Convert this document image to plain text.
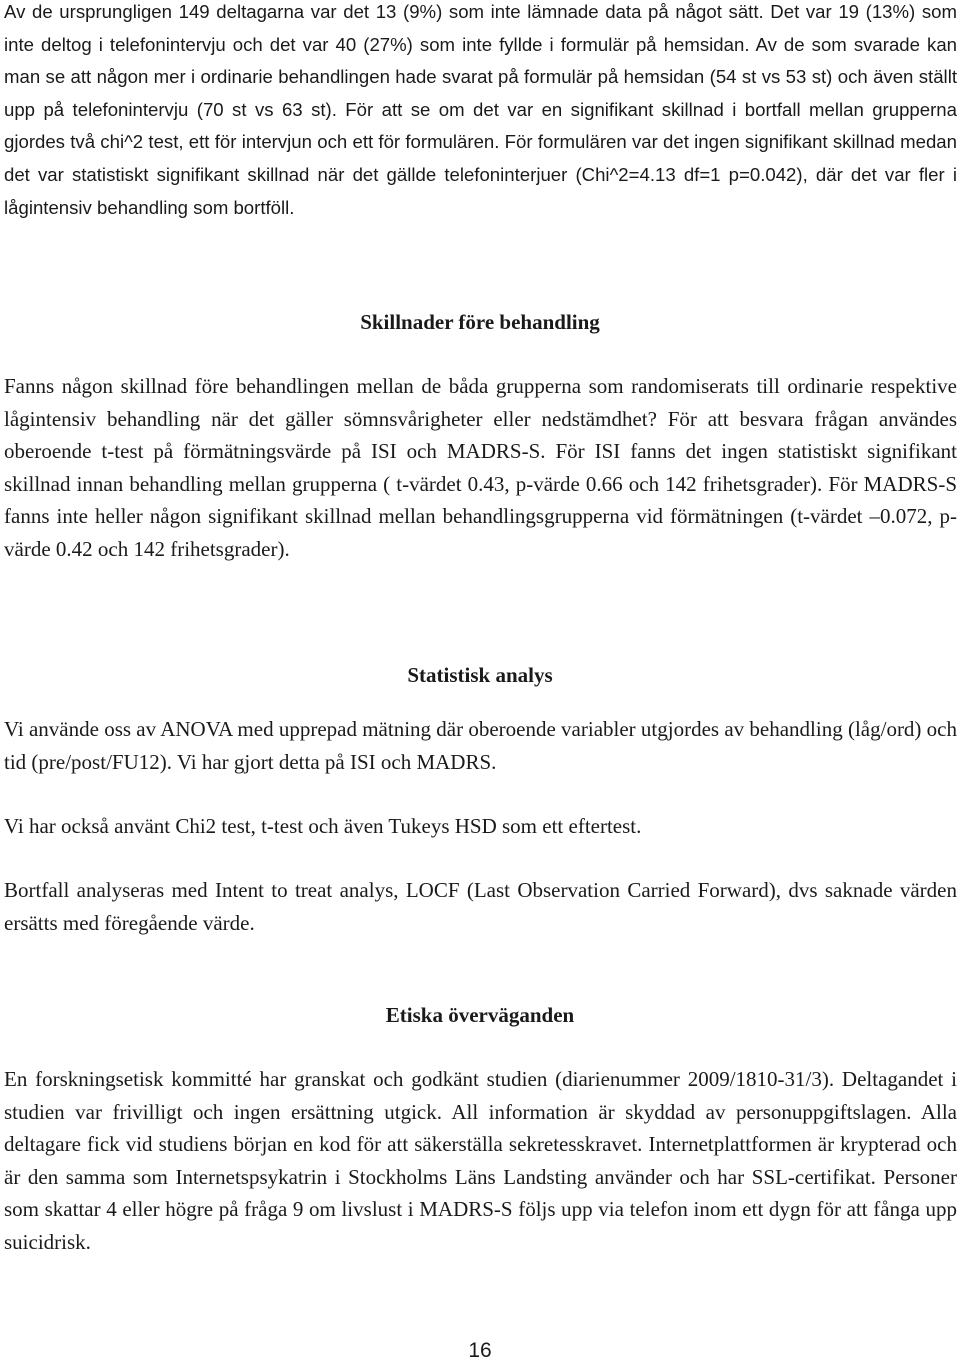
Av de ursprungligen 149 deltagarna var det 13 (9%) som inte lämnade data på något sätt. Det var 19 (13%) som inte deltog i telefonintervju och det var 40 (27%) som inte fyllde i formulär på hemsidan. Av de som svarade kan man se att någon mer i ordinarie behandlingen hade svarat på formulär på hemsidan (54 st vs 53 st) och även ställt upp på telefonintervju (70 st vs 63 st). För att se om det var en signifikant skillnad i bortfall mellan grupperna gjordes två chi^2 test, ett för intervjun och ett för formulären. För formulären var det ingen signifikant skillnad medan det var statistiskt signifikant skillnad när det gällde telefoninterjuer (Chi^2=4.13 df=1 p=0.042), där det var fler i lågintensiv behandling som bortföll.

Skillnader före behandling

Fanns någon skillnad före behandlingen mellan de båda grupperna som randomiserats till ordinarie respektive lågintensiv behandling när det gäller sömnsvårigheter eller nedstämdhet? För att besvara frågan användes oberoende t-test på förmätningsvärde på ISI och MADRS-S. För ISI fanns det ingen statistiskt signifikant skillnad innan behandling mellan grupperna ( t-värdet 0.43, p-värde 0.66 och 142 frihetsgrader). För MADRS-S fanns inte heller någon signifikant skillnad mellan behandlingsgrupperna vid förmätningen (t-värdet –0.072, p-värde 0.42 och 142 frihetsgrader).

Statistisk analys

Vi använde oss av ANOVA med upprepad mätning där oberoende variabler utgjordes av behandling (låg/ord) och tid (pre/post/FU12). Vi har gjort detta på ISI och MADRS.

Vi har också använt Chi2 test, t-test och även Tukeys HSD som ett eftertest.

Bortfall analyseras med Intent to treat analys, LOCF (Last Observation Carried Forward), dvs saknade värden ersätts med föregående värde.

Etiska överväganden

En forskningsetisk kommitté har granskat och godkänt studien (diarienummer 2009/1810-31/3). Deltagandet i studien var frivilligt och ingen ersättning utgick. All information är skyddad av personuppgiftslagen. Alla deltagare fick vid studiens början en kod för att säkerställa sekretesskravet. Internetplattformen är krypterad och är den samma som Internetspsykatrin i Stockholms Läns Landsting använder och har SSL-certifikat. Personer som skattar 4 eller högre på fråga 9 om livslust i MADRS-S följs upp via telefon inom ett dygn för att fånga upp suicidrisk.

16
